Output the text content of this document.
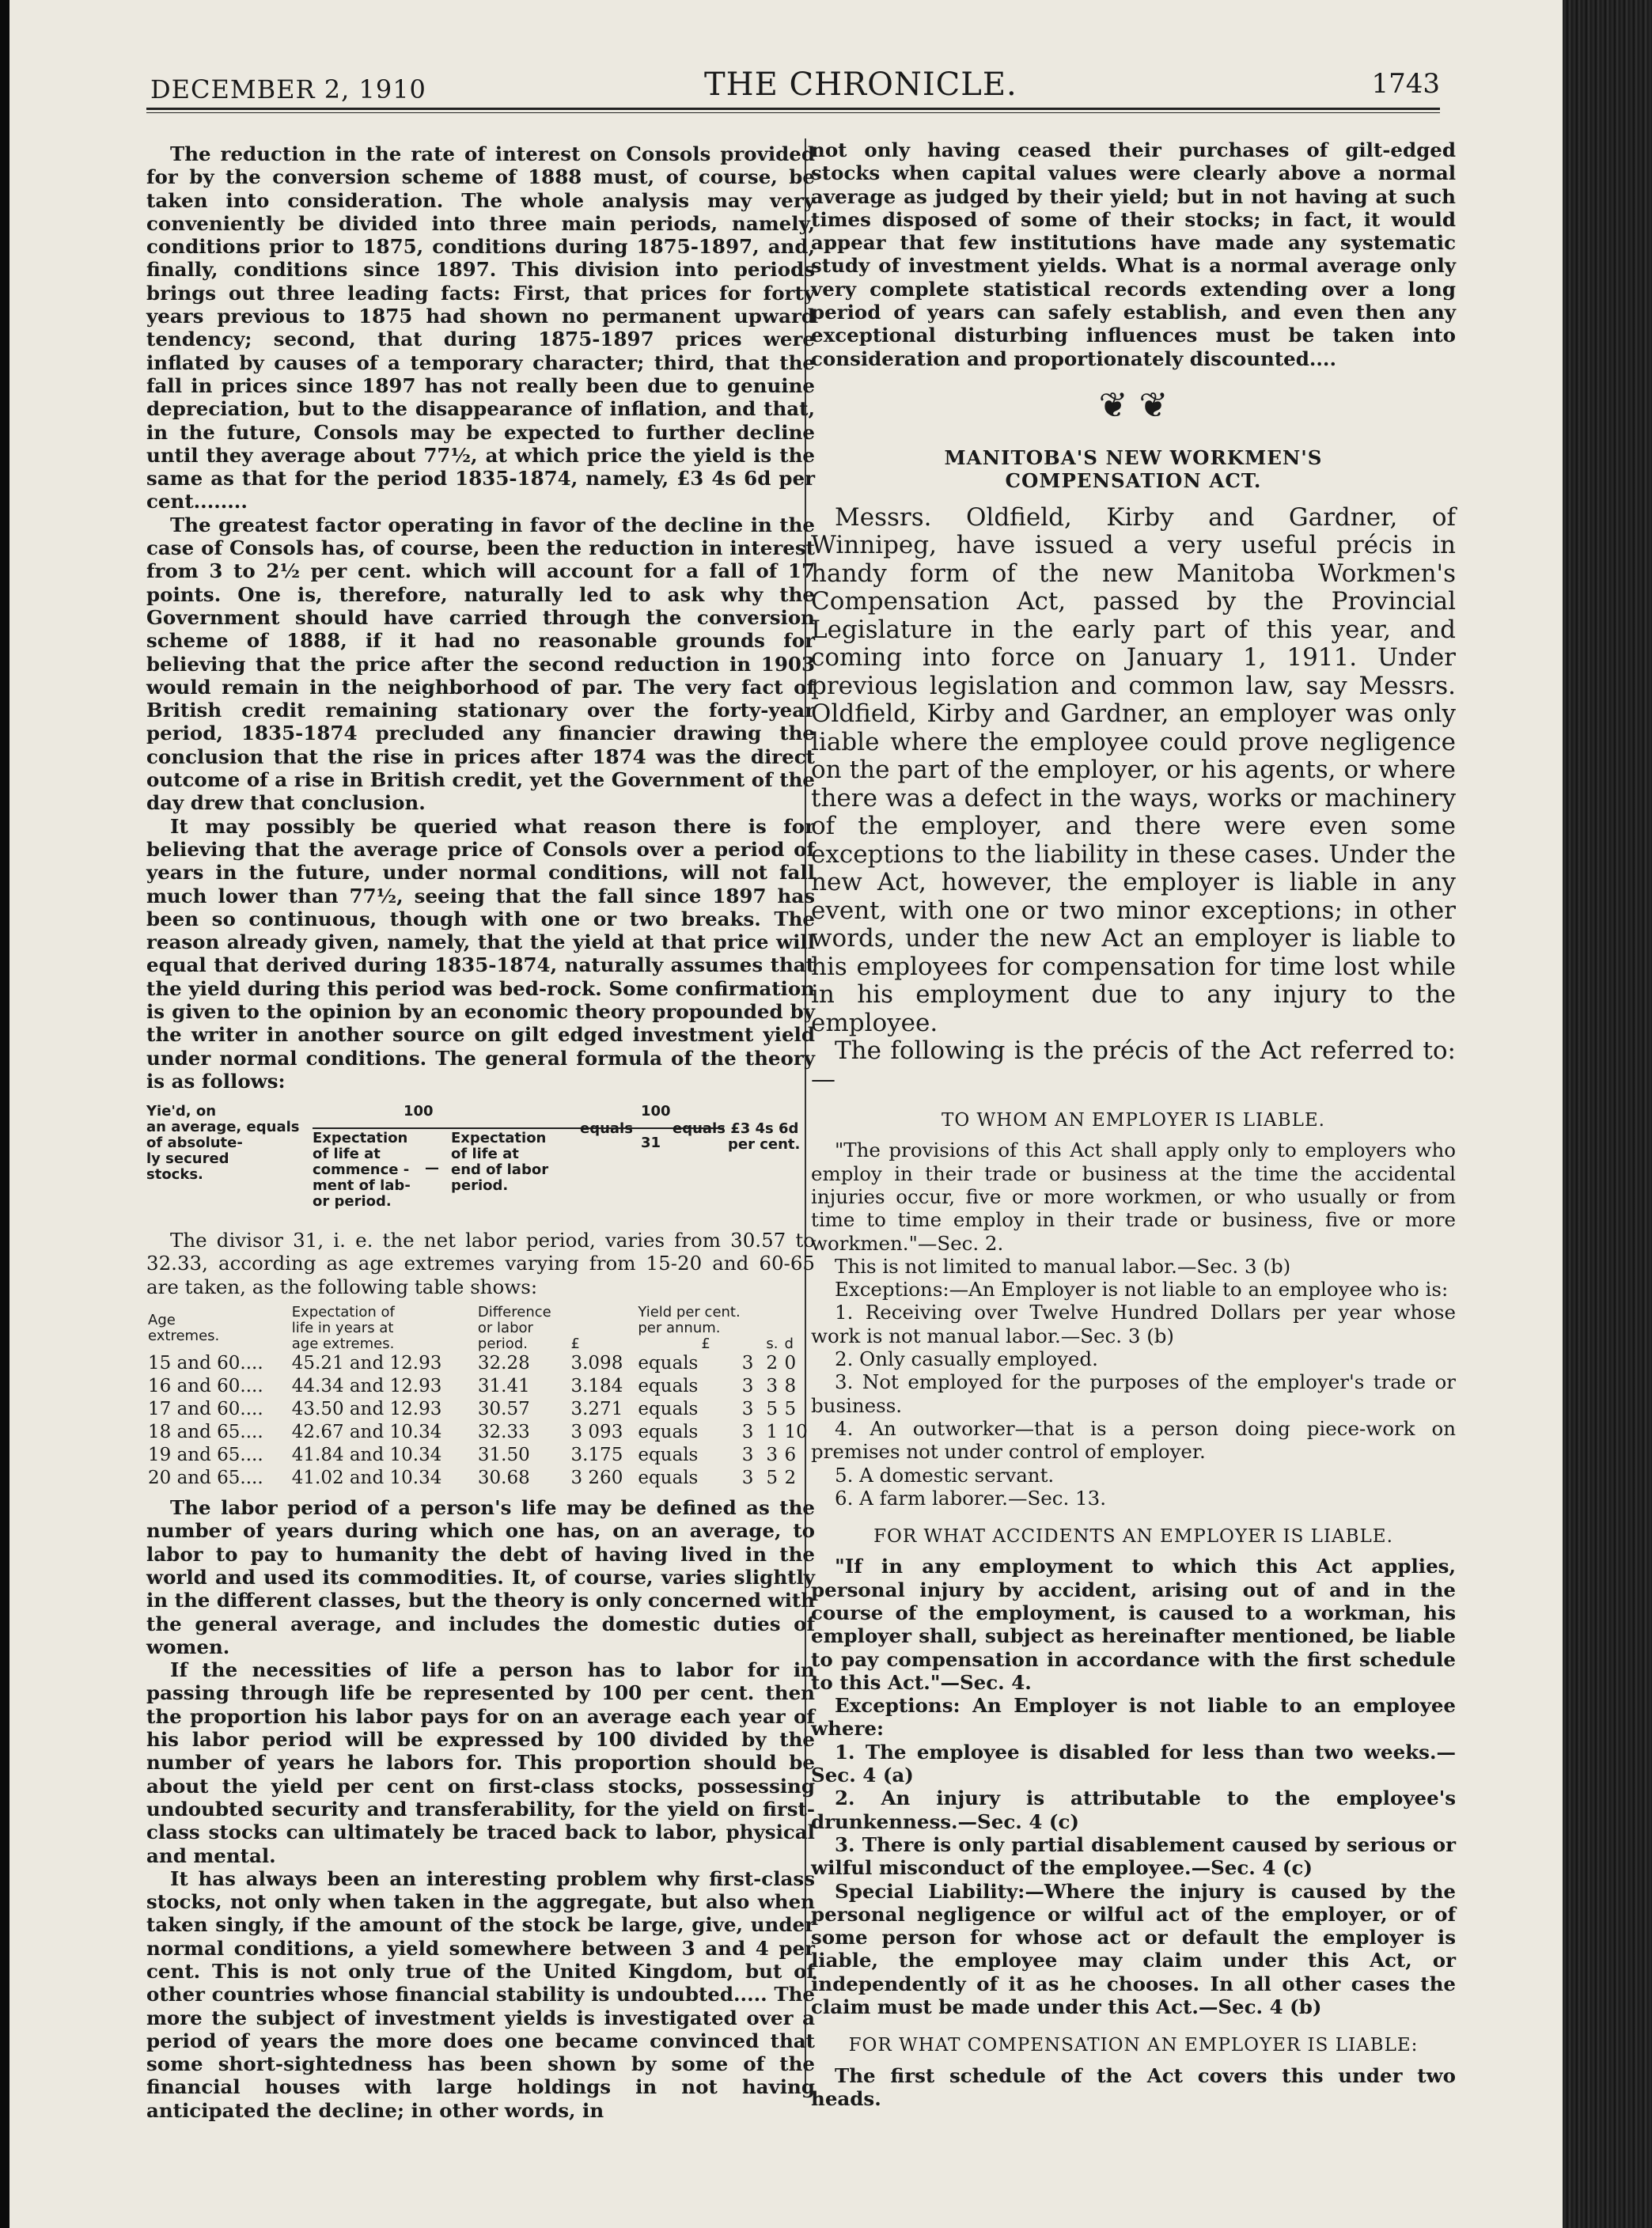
DECEMBER 2, 1910	THE CHRONICLE.	1743

The reduction in the rate of interest on Consols provided for by the conversion scheme of 1888 must, of course, be taken into consideration. The whole analysis may very conveniently be divided into three main periods, namely, conditions prior to 1875, conditions during 1875-1897, and, finally, conditions since 1897. This division into periods brings out three leading facts: First, that prices for forty years previous to 1875 had shown no permanent upward tendency; second, that during 1875-1897 prices were inflated by causes of a temporary character; third, that the fall in prices since 1897 has not really been due to genuine depreciation, but to the disappearance of inflation, and that, in the future, Consols may be expected to further decline until they average about 77½, at which price the yield is the same as that for the period 1835-1874, namely, £3 4s 6d per cent........

The greatest factor operating in favor of the decline in the case of Consols has, of course, been the reduction in interest from 3 to 2½ per cent. which will account for a fall of 17 points. One is, therefore, naturally led to ask why the Government should have carried through the conversion scheme of 1888, if it had no reasonable grounds for believing that the price after the second reduction in 1903 would remain in the neighborhood of par. The very fact of British credit remaining stationary over the forty-year period, 1835-1874 precluded any financier drawing the conclusion that the rise in prices after 1874 was the direct outcome of a rise in British credit, yet the Government of the day drew that conclusion.

It may possibly be queried what reason there is for believing that the average price of Consols over a period of years in the future, under normal conditions, will not fall much lower than 77½, seeing that the fall since 1897 has been so continuous, though with one or two breaks. The reason already given, namely, that the yield at that price will equal that derived during 1835-1874, naturally assumes that the yield during this period was bed-rock. Some confirmation is given to the opinion by an economic theory propounded by the writer in another source on gilt edged investment yield under normal conditions. The general formula of the theory is as follows:

Yie'd, on
an average, equals
of absolute-
ly secured
stocks.
100
Expectation
of life at
commence -
ment of lab-
or period.
—
Expectation
of life at
end of labor
period.
equals
100
31
equals £3 4s 6d
per cent.

The divisor 31, i. e. the net labor period, varies from 30.57 to 32.33, according as age extremes varying from 15-20 and 60-65 are taken, as the following table shows:

Age
extremes.	Expectation of
life in years at
age extremes.	Difference
or labor
period.	£	Yield per cent.
per annum.
£		s.	d
15 and 60....	45.21 and 12.93	32.28	3.098	equals	3	2	0
16 and 60....	44.34 and 12.93	31.41	3.184	equals	3	3	8
17 and 60....	43.50 and 12.93	30.57	3.271	equals	3	5	5
18 and 65....	42.67 and 10.34	32.33	3 093	equals	3	1	10
19 and 65....	41.84 and 10.34	31.50	3.175	equals	3	3	6
20 and 65....	41.02 and 10.34	30.68	3 260	equals	3	5	2

The labor period of a person's life may be defined as the number of years during which one has, on an average, to labor to pay to humanity the debt of having lived in the world and used its commodities. It, of course, varies slightly in the different classes, but the theory is only concerned with the general average, and includes the domestic duties of women.

If the necessities of life a person has to labor for in passing through life be represented by 100 per cent. then the proportion his labor pays for on an average each year of his labor period will be expressed by 100 divided by the number of years he labors for. This proportion should be about the yield per cent on first-class stocks, possessing undoubted security and transferability, for the yield on first-class stocks can ultimately be traced back to labor, physical and mental.

It has always been an interesting problem why first-class stocks, not only when taken in the aggregate, but also when taken singly, if the amount of the stock be large, give, under normal conditions, a yield somewhere between 3 and 4 per cent. This is not only true of the United Kingdom, but of other countries whose financial stability is undoubted..... The more the subject of investment yields is investigated over a period of years the more does one became convinced that some short-sightedness has been shown by some of the financial houses with large holdings in not having anticipated the decline; in other words, in

not only having ceased their purchases of gilt-edged stocks when capital values were clearly above a normal average as judged by their yield; but in not having at such times disposed of some of their stocks; in fact, it would appear that few institutions have made any systematic study of investment yields. What is a normal average only very complete statistical records extending over a long period of years can safely establish, and even then any exceptional disturbing influences must be taken into consideration and proportionately discounted....

❦ ❦

MANITOBA'S NEW WORKMEN'S

COMPENSATION ACT.

Messrs. Oldfield, Kirby and Gardner, of Winnipeg, have issued a very useful précis in handy form of the new Manitoba Workmen's Compensation Act, passed by the Provincial Legislature in the early part of this year, and coming into force on January 1, 1911. Under previous legislation and common law, say Messrs. Oldfield, Kirby and Gardner, an employer was only liable where the employee could prove negligence on the part of the employer, or his agents, or where there was a defect in the ways, works or machinery of the employer, and there were even some exceptions to the liability in these cases. Under the new Act, however, the employer is liable in any event, with one or two minor exceptions; in other words, under the new Act an employer is liable to his employees for compensation for time lost while in his employment due to any injury to the employee.

The following is the précis of the Act referred to:—

TO WHOM AN EMPLOYER IS LIABLE.

"The provisions of this Act shall apply only to employers who employ in their trade or business at the time the accidental injuries occur, five or more workmen, or who usually or from time to time employ in their trade or business, five or more workmen."—Sec. 2.

This is not limited to manual labor.—Sec. 3 (b)

Exceptions:—An Employer is not liable to an employee who is:

1. Receiving over Twelve Hundred Dollars per year whose work is not manual labor.—Sec. 3 (b)

2. Only casually employed.

3. Not employed for the purposes of the employer's trade or business.

4. An outworker—that is a person doing piece-work on premises not under control of employer.

5. A domestic servant.

6. A farm laborer.—Sec. 13.

FOR WHAT ACCIDENTS AN EMPLOYER IS LIABLE.

"If in any employment to which this Act applies, personal injury by accident, arising out of and in the course of the employment, is caused to a workman, his employer shall, subject as hereinafter mentioned, be liable to pay compensation in accordance with the first schedule to this Act."—Sec. 4.

Exceptions: An Employer is not liable to an employee where:

1. The employee is disabled for less than two weeks.—Sec. 4 (a)

2. An injury is attributable to the employee's drunkenness.—Sec. 4 (c)

3. There is only partial disablement caused by serious or wilful misconduct of the employee.—Sec. 4 (c)

Special Liability:—Where the injury is caused by the personal negligence or wilful act of the employer, or of some person for whose act or default the employer is liable, the employee may claim under this Act, or independently of it as he chooses. In all other cases the claim must be made under this Act.—Sec. 4 (b)

FOR WHAT COMPENSATION AN EMPLOYER IS LIABLE:

The first schedule of the Act covers this under two heads.
